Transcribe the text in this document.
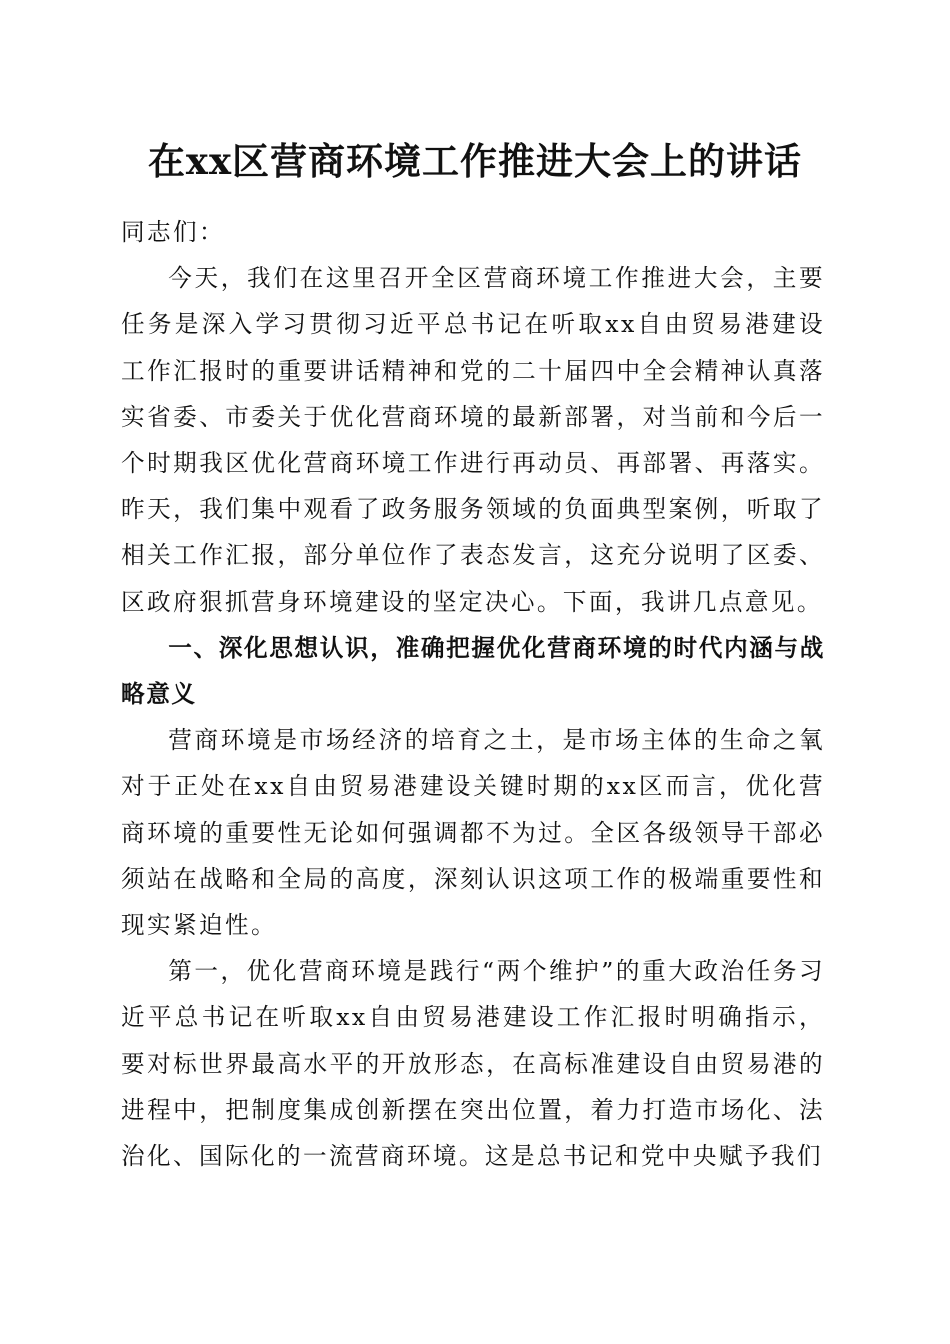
在xx区营商环境工作推进大会上的讲话

同志们：

今天，我们在这里召开全区营商环境工作推进大会，主要任务是深入学习贯彻习近平总书记在听取xx自由贸易港建设工作汇报时的重要讲话精神和党的二十届四中全会精神认真落实省委、市委关于优化营商环境的最新部署，对当前和今后一个时期我区优化营商环境工作进行再动员、再部署、再落实。昨天，我们集中观看了政务服务领域的负面典型案例，听取了相关工作汇报，部分单位作了表态发言，这充分说明了区委、区政府狠抓营身环境建设的坚定决心。下面，我讲几点意见。

一、深化思想认识，准确把握优化营商环境的时代内涵与战略意义

营商环境是市场经济的培育之土，是市场主体的生命之氧对于正处在xx自由贸易港建设关键时期的xx区而言，优化营商环境的重要性无论如何强调都不为过。全区各级领导干部必须站在战略和全局的高度，深刻认识这项工作的极端重要性和现实紧迫性。

第一，优化营商环境是践行“两个维护”的重大政治任务习近平总书记在听取xx自由贸易港建设工作汇报时明确指示，要对标世界最高水平的开放形态，在高标准建设自由贸易港的进程中，把制度集成创新摆在突出位置，着力打造市场化、法治化、国际化的一流营商环境。这是总书记和党中央赋予我们
